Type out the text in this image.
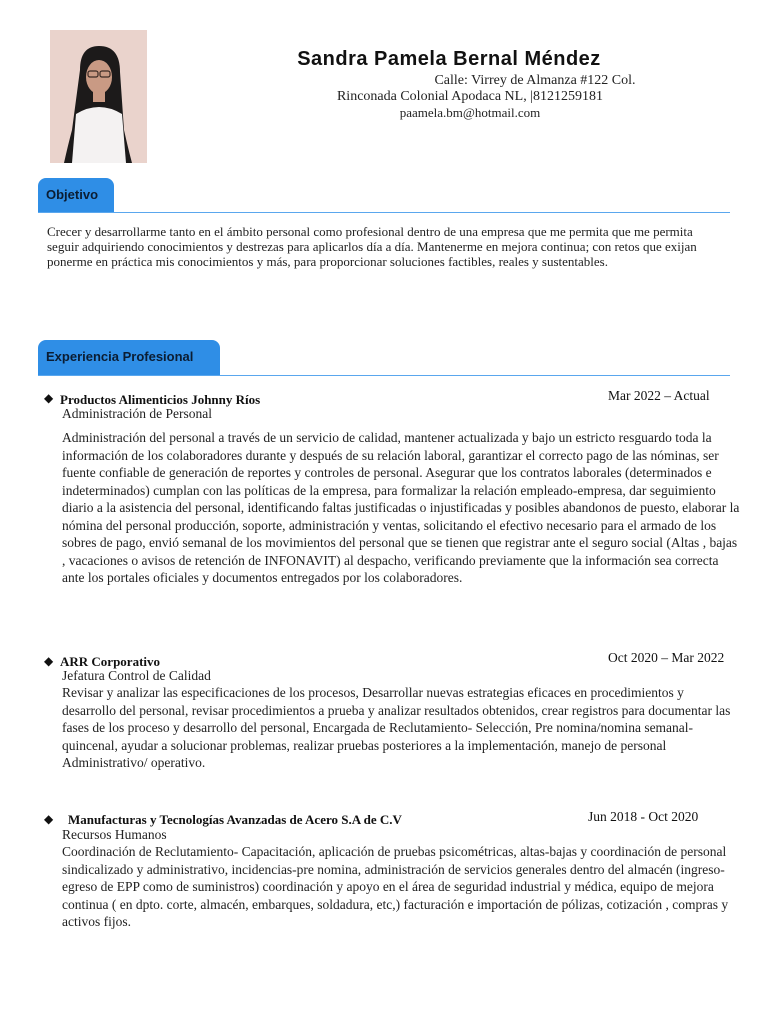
Sandra Pamela Bernal Méndez
Calle: Virrey de Almanza #122 Col.
Rinconada Colonial Apodaca NL, |8121259181
paamela.bm@hotmail.com
Objetivo
Crecer y desarrollarme tanto en el ámbito personal como profesional dentro de una empresa que me permita que me permita seguir adquiriendo conocimientos y destrezas para aplicarlos día a día. Mantenerme en mejora continua; con retos que exijan ponerme en práctica mis conocimientos y más, para proporcionar soluciones factibles, reales y sustentables.
Experiencia Profesional
◆ Productos Alimenticios Johnny Ríos	Mar 2022 – Actual
Administración de Personal
Administración del personal a través de un servicio de calidad, mantener actualizada y bajo un estricto resguardo toda la información de los colaboradores durante y después de su relación laboral, garantizar el correcto pago de las nóminas, ser fuente confiable de generación de reportes y controles de personal. Asegurar que los contratos laborales (determinados e indeterminados) cumplan con las políticas de la empresa, para formalizar la relación empleado-empresa, dar seguimiento diario a la asistencia del personal, identificando faltas justificadas o injustificadas y posibles abandonos de puesto, elaborar la nómina del personal producción, soporte, administración y ventas, solicitando el efectivo necesario para el armado de los sobres de pago, envió semanal de los movimientos del personal que se tienen que registrar ante el seguro social (Altas , bajas , vacaciones o avisos de retención de INFONAVIT) al despacho, verificando previamente que la información sea correcta ante los portales oficiales y documentos entregados por los colaboradores.
◆ ARR Corporativo	Oct 2020 – Mar 2022
Jefatura Control de Calidad
Revisar y analizar las especificaciones de los procesos, Desarrollar nuevas estrategias eficaces en procedimientos y desarrollo del personal, revisar procedimientos a prueba y analizar resultados obtenidos, crear registros para documentar las fases de los proceso y desarrollo del personal, Encargada de Reclutamiento- Selección, Pre nomina/nomina semanal-quincenal, ayudar a solucionar problemas, realizar pruebas posteriores a la implementación, manejo de personal Administrativo/ operativo.
◆ Manufacturas y Tecnologías Avanzadas de Acero S.A de C.V	Jun 2018 - Oct 2020
Recursos Humanos
Coordinación de Reclutamiento- Capacitación, aplicación de pruebas psicométricas, altas-bajas y coordinación de personal sindicalizado y administrativo, incidencias-pre nomina, administración de servicios generales dentro del almacén (ingreso-egreso de EPP como de suministros) coordinación y apoyo en el área de seguridad industrial y médica, equipo de mejora continua ( en dpto. corte, almacén, embarques, soldadura, etc,) facturación e importación de pólizas, cotización , compras y activos fijos.
